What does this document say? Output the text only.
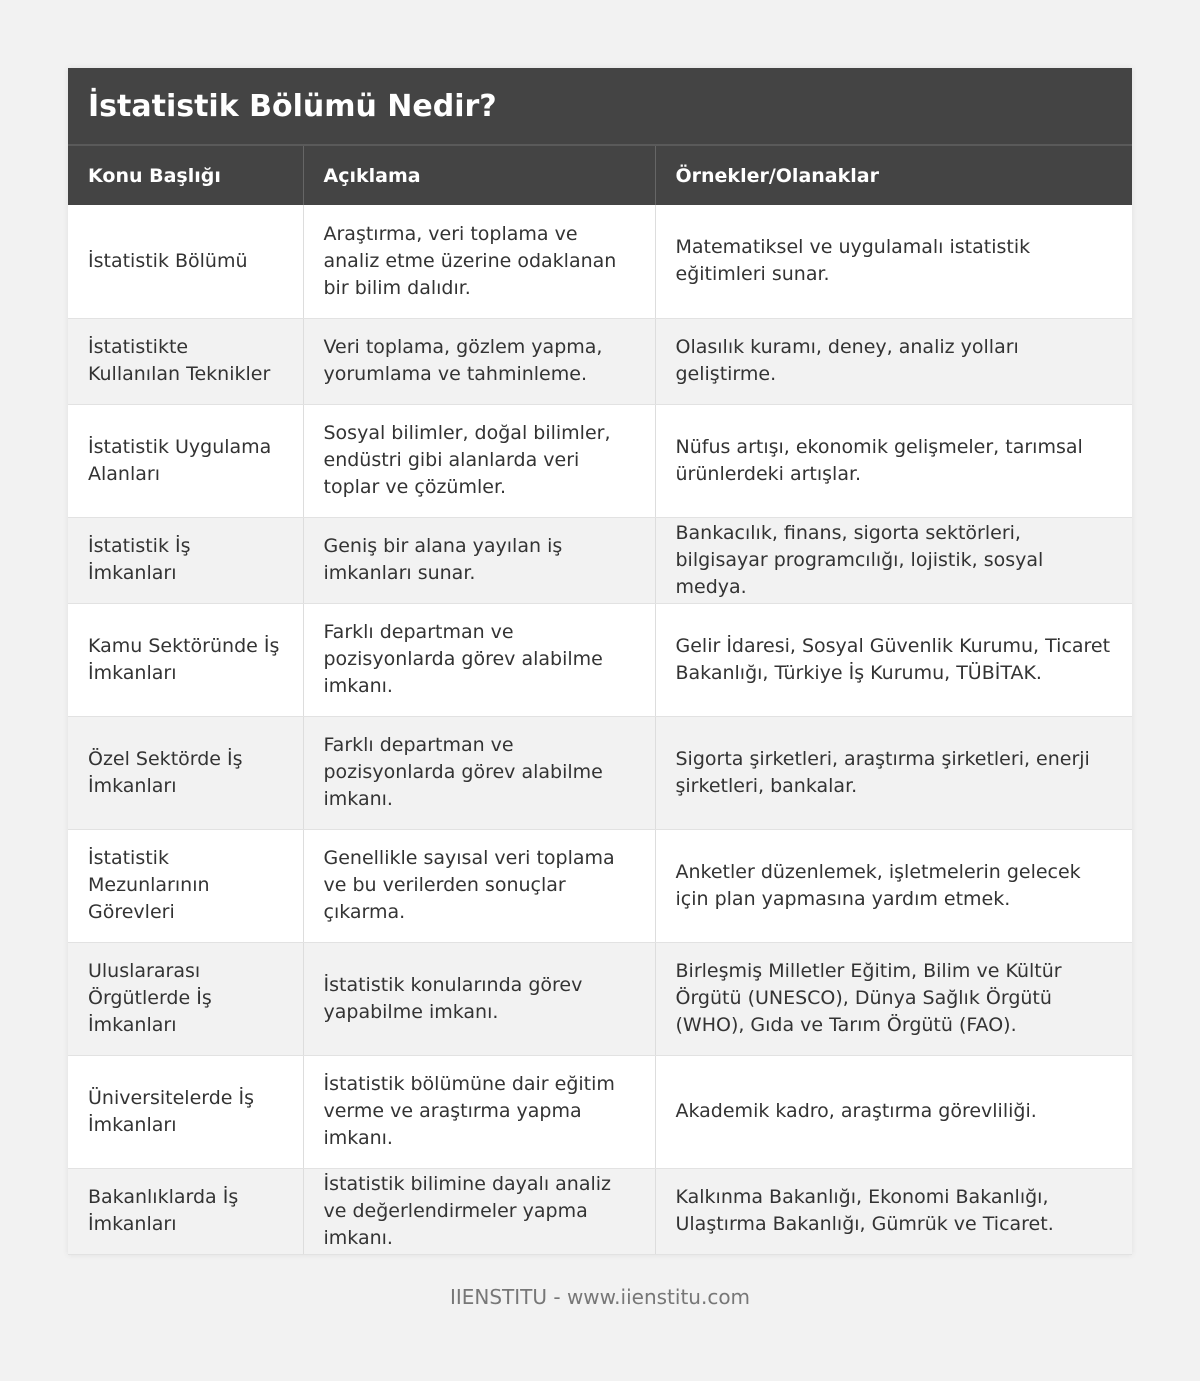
İstatistik Bölümü Nedir?
Konu Başlığı	Açıklama	Örnekler/Olanaklar
İstatistik Bölümü	Araştırma, veri toplama ve analiz etme üzerine odaklanan bir bilim dalıdır.	Matematiksel ve uygulamalı istatistik eğitimleri sunar.
İstatistikte Kullanılan Teknikler	Veri toplama, gözlem yapma, yorumlama ve tahminleme.	Olasılık kuramı, deney, analiz yolları geliştirme.
İstatistik Uygulama Alanları	Sosyal bilimler, doğal bilimler, endüstri gibi alanlarda veri toplar ve çözümler.	Nüfus artışı, ekonomik gelişmeler, tarımsal ürünlerdeki artışlar.
İstatistik İş İmkanları	Geniş bir alana yayılan iş imkanları sunar.	Bankacılık, finans, sigorta sektörleri, bilgisayar programcılığı, lojistik, sosyal medya.
Kamu Sektöründe İş İmkanları	Farklı departman ve pozisyonlarda görev alabilme imkanı.	Gelir İdaresi, Sosyal Güvenlik Kurumu, Ticaret Bakanlığı, Türkiye İş Kurumu, TÜBİTAK.
Özel Sektörde İş İmkanları	Farklı departman ve pozisyonlarda görev alabilme imkanı.	Sigorta şirketleri, araştırma şirketleri, enerji şirketleri, bankalar.
İstatistik Mezunlarının Görevleri	Genellikle sayısal veri toplama ve bu verilerden sonuçlar çıkarma.	Anketler düzenlemek, işletmelerin gelecek için plan yapmasına yardım etmek.
Uluslararası Örgütlerde İş İmkanları	İstatistik konularında görev yapabilme imkanı.	Birleşmiş Milletler Eğitim, Bilim ve Kültür Örgütü (UNESCO), Dünya Sağlık Örgütü (WHO), Gıda ve Tarım Örgütü (FAO).
Üniversitelerde İş İmkanları	İstatistik bölümüne dair eğitim verme ve araştırma yapma imkanı.	Akademik kadro, araştırma görevliliği.
Bakanlıklarda İş İmkanları	İstatistik bilimine dayalı analiz ve değerlendirmeler yapma imkanı.	Kalkınma Bakanlığı, Ekonomi Bakanlığı, Ulaştırma Bakanlığı, Gümrük ve Ticaret.
IIENSTITU - www.iienstitu.com
